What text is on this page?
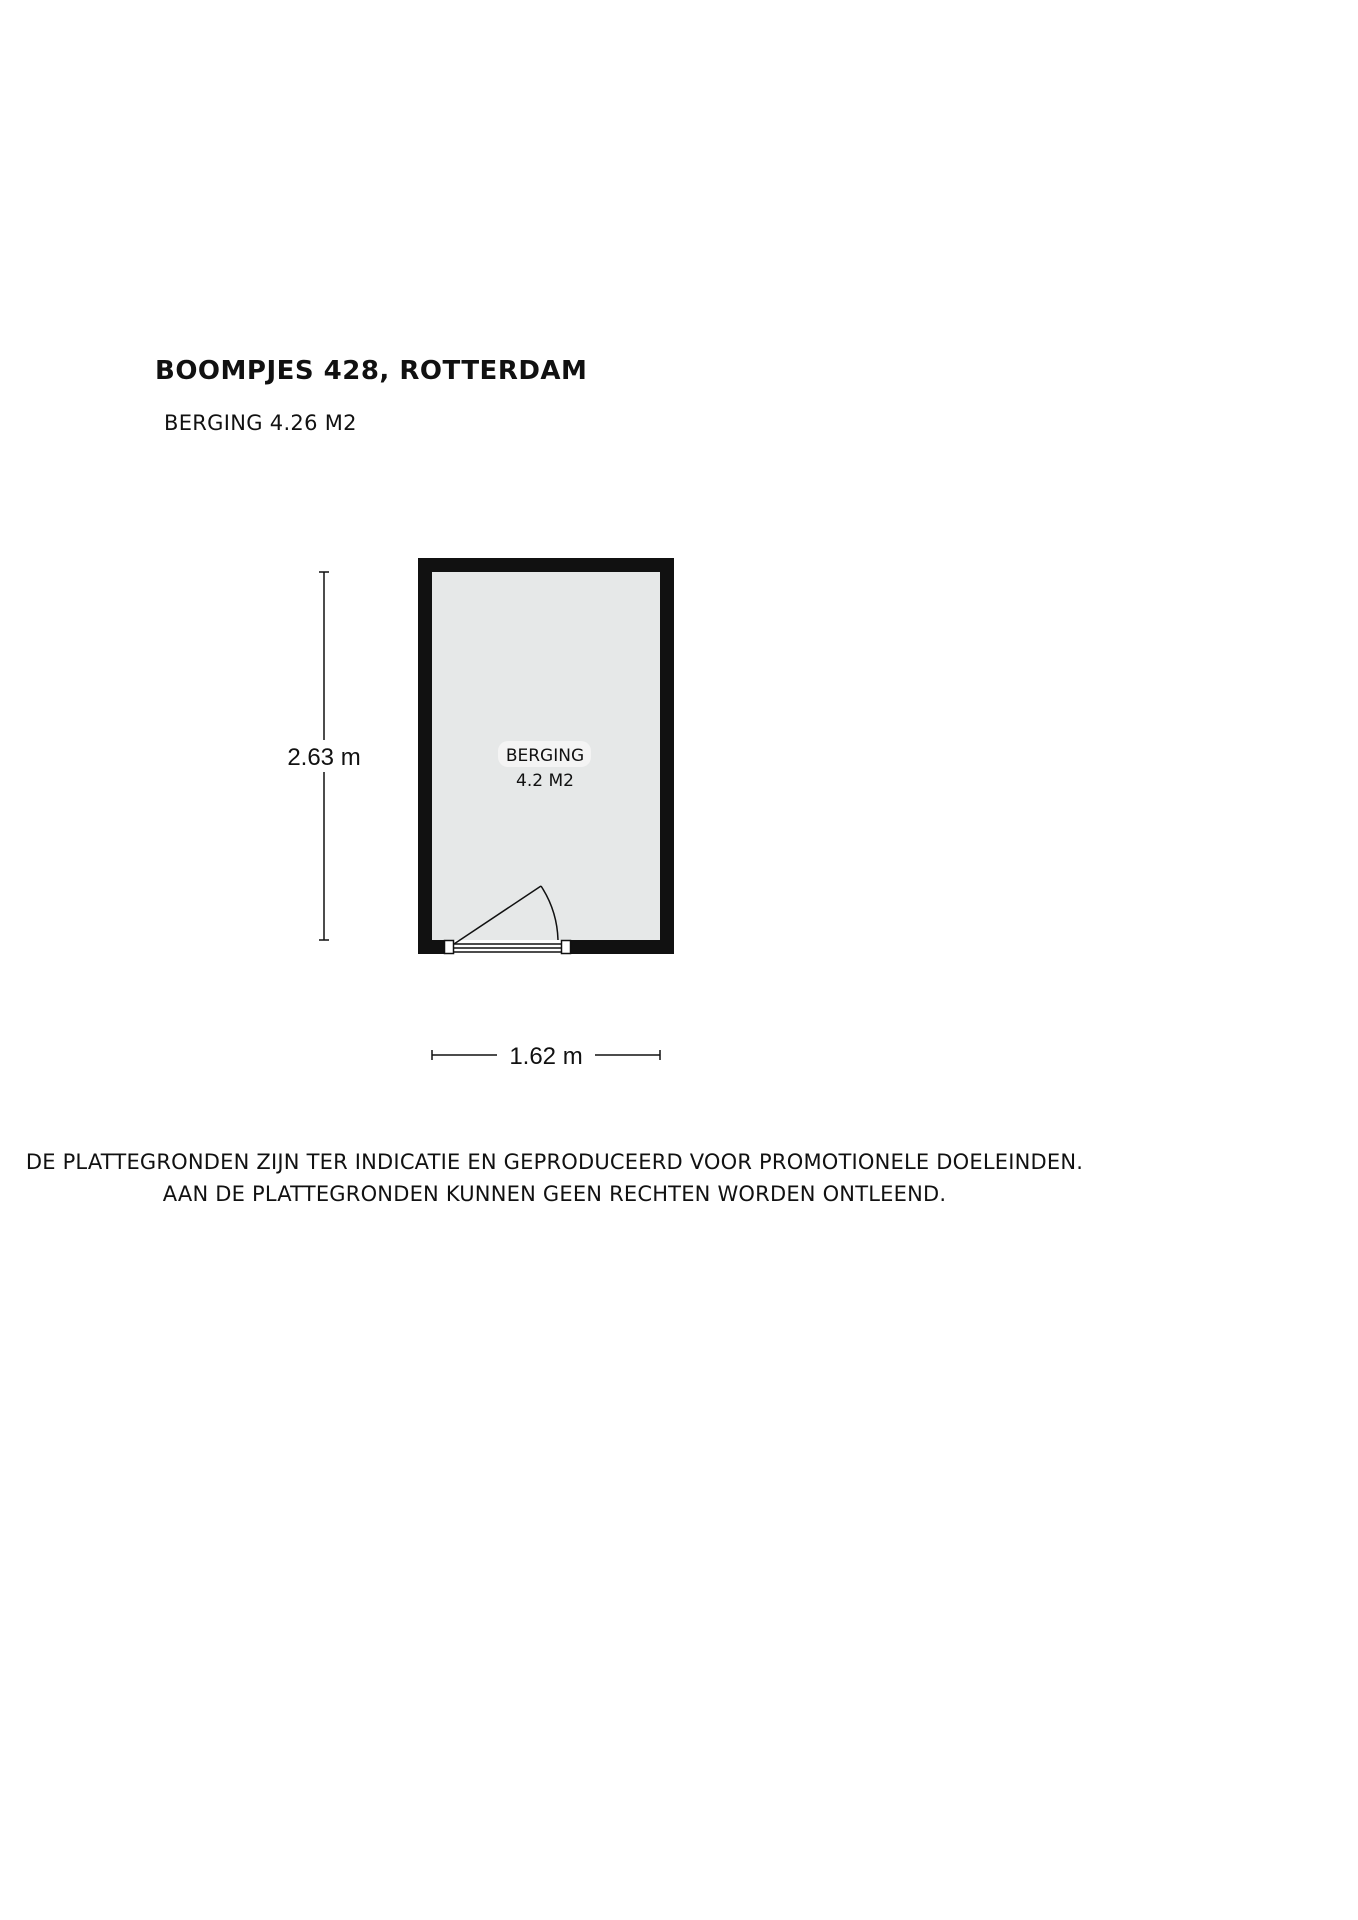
BOOMPJES 428, ROTTERDAM
BERGING 4.26 M2
BERGING
4.2 M2
2.63 m
1.62 m
DE PLATTEGRONDEN ZIJN TER INDICATIE EN GEPRODUCEERD VOOR PROMOTIONELE DOELEINDEN.
AAN DE PLATTEGRONDEN KUNNEN GEEN RECHTEN WORDEN ONTLEEND.
